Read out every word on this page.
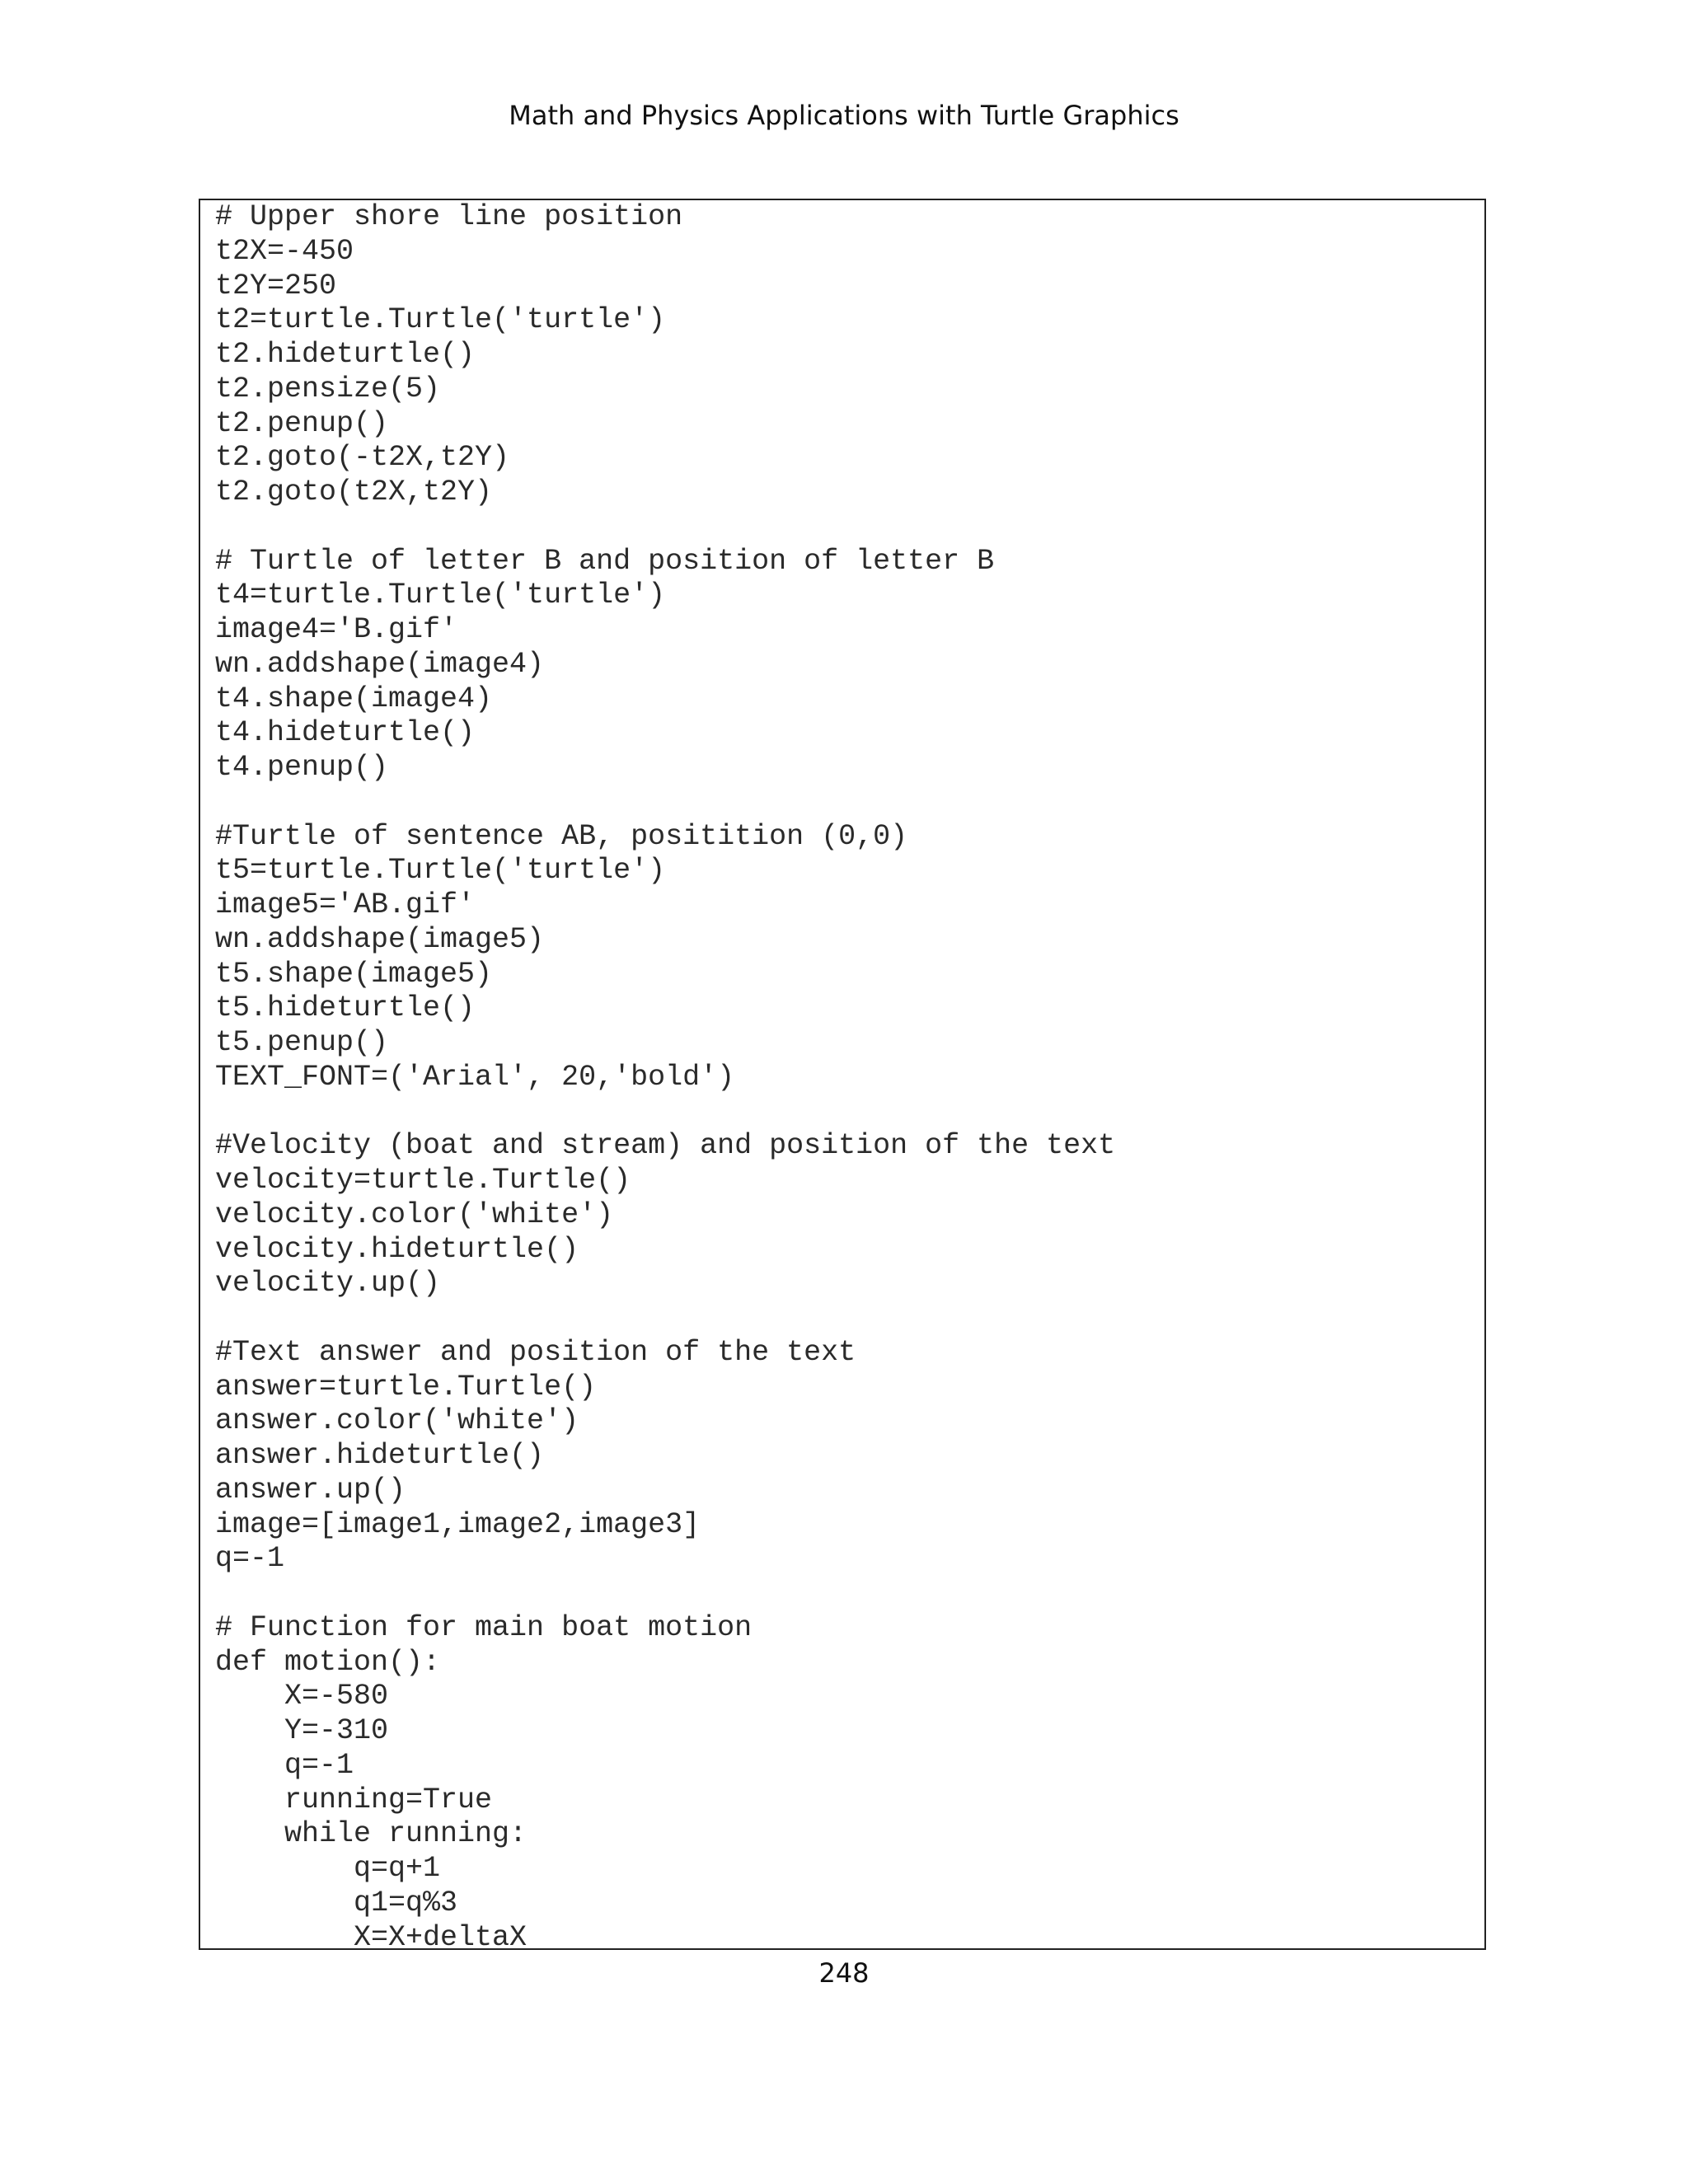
Math and Physics Applications with Turtle Graphics
# Upper shore line position
t2X=-450
t2Y=250
t2=turtle.Turtle('turtle')
t2.hideturtle()
t2.pensize(5)
t2.penup()
t2.goto(-t2X,t2Y)
t2.goto(t2X,t2Y)
# Turtle of letter B and position of letter B
t4=turtle.Turtle('turtle')
image4='B.gif'
wn.addshape(image4)
t4.shape(image4)
t4.hideturtle()
t4.penup()
#Turtle of sentence AB, positition (0,0)
t5=turtle.Turtle('turtle')
image5='AB.gif'
wn.addshape(image5)
t5.shape(image5)
t5.hideturtle()
t5.penup()
TEXT_FONT=('Arial', 20,'bold')
#Velocity (boat and stream) and position of the text
velocity=turtle.Turtle()
velocity.color('white')
velocity.hideturtle()
velocity.up()
#Text answer and position of the text
answer=turtle.Turtle()
answer.color('white')
answer.hideturtle()
answer.up()
image=[image1,image2,image3]
q=-1
# Function for main boat motion
def motion():
X=-580
Y=-310
q=-1
running=True
while running:
q=q+1
q1=q%3
X=X+deltaX
248
